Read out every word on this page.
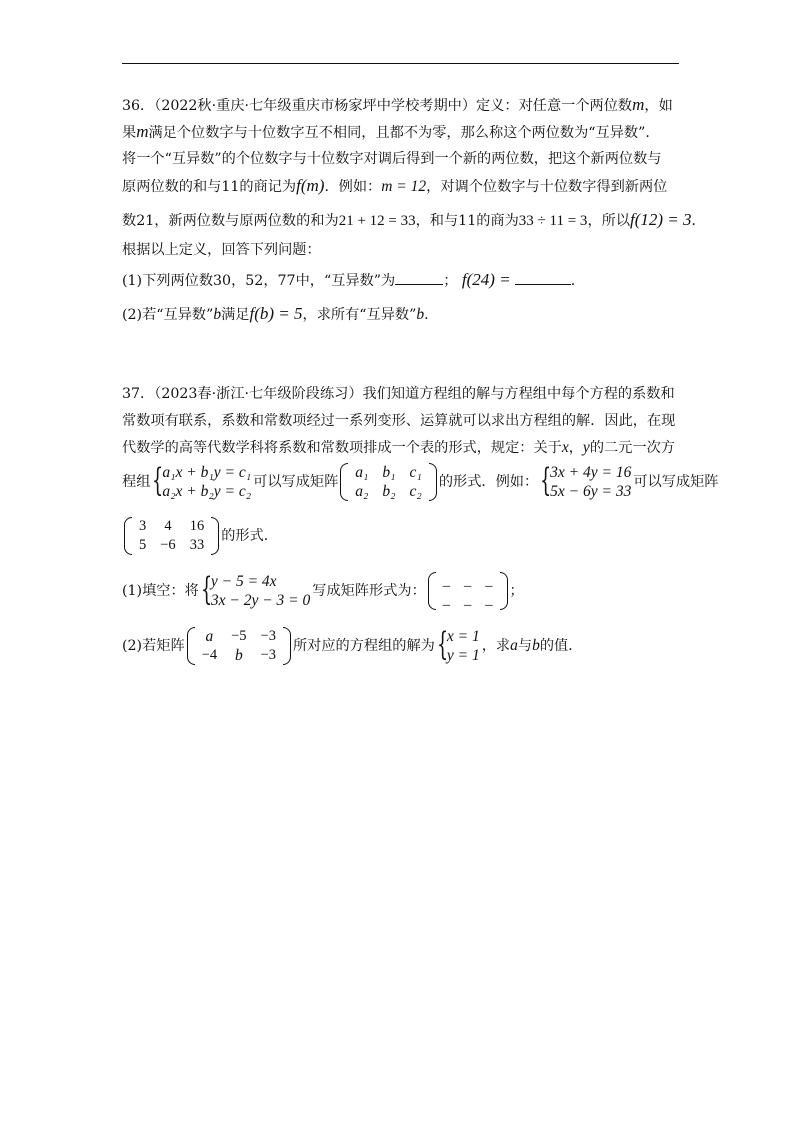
36．（2022秋·重庆·七年级重庆市杨家坪中学校考期中）定义：对任意一个两位数m，如
果m满足个位数字与十位数字互不相同，且都不为零，那么称这个两位数为“互异数”．
将一个“互异数”的个位数字与十位数字对调后得到一个新的两位数，把这个新两位数与
原两位数的和与11的商记为f(m)．例如：m = 12，对调个位数字与十位数字得到新两位
数21，新两位数与原两位数的和为21 + 12 = 33，和与11的商为33 ÷ 11 = 3，所以f(12) = 3．
根据以上定义，回答下列问题：
(1)下列两位数30，52，77中，“互异数”为	； f(24) =	．
(2)若“互异数”b满足f(b) = 5，求所有“互异数”b．
37．（2023春·浙江·七年级阶段练习）我们知道方程组的解与方程组中每个方程的系数和
常数项有联系，系数和常数项经过一系列变形、运算就可以求出方程组的解．因此，在现
代数学的高等代数学科将系数和常数项排成一个表的形式，规定：关于x，y的二元一次方
程组 {
a₁x + b₁y = c₁
a₂x + b₂y = c₂
可以写成矩阵
a₁	b₁	c₁
a₂	b₂	c₂
的形式．例如： {
3x + 4y = 16
5x − 6y = 33
可以写成矩阵
3	4	16
5	−6	33
的形式．
(1)填空：将 {
y − 5 = 4x
3x − 2y − 3 = 0
写成矩阵形式为：
_	_	_
_	_	_
；
(2)若矩阵
a	−5	−3
−4	b	−3
所对应的方程组的解为 {
x = 1
y = 1
，求a与b的值．
